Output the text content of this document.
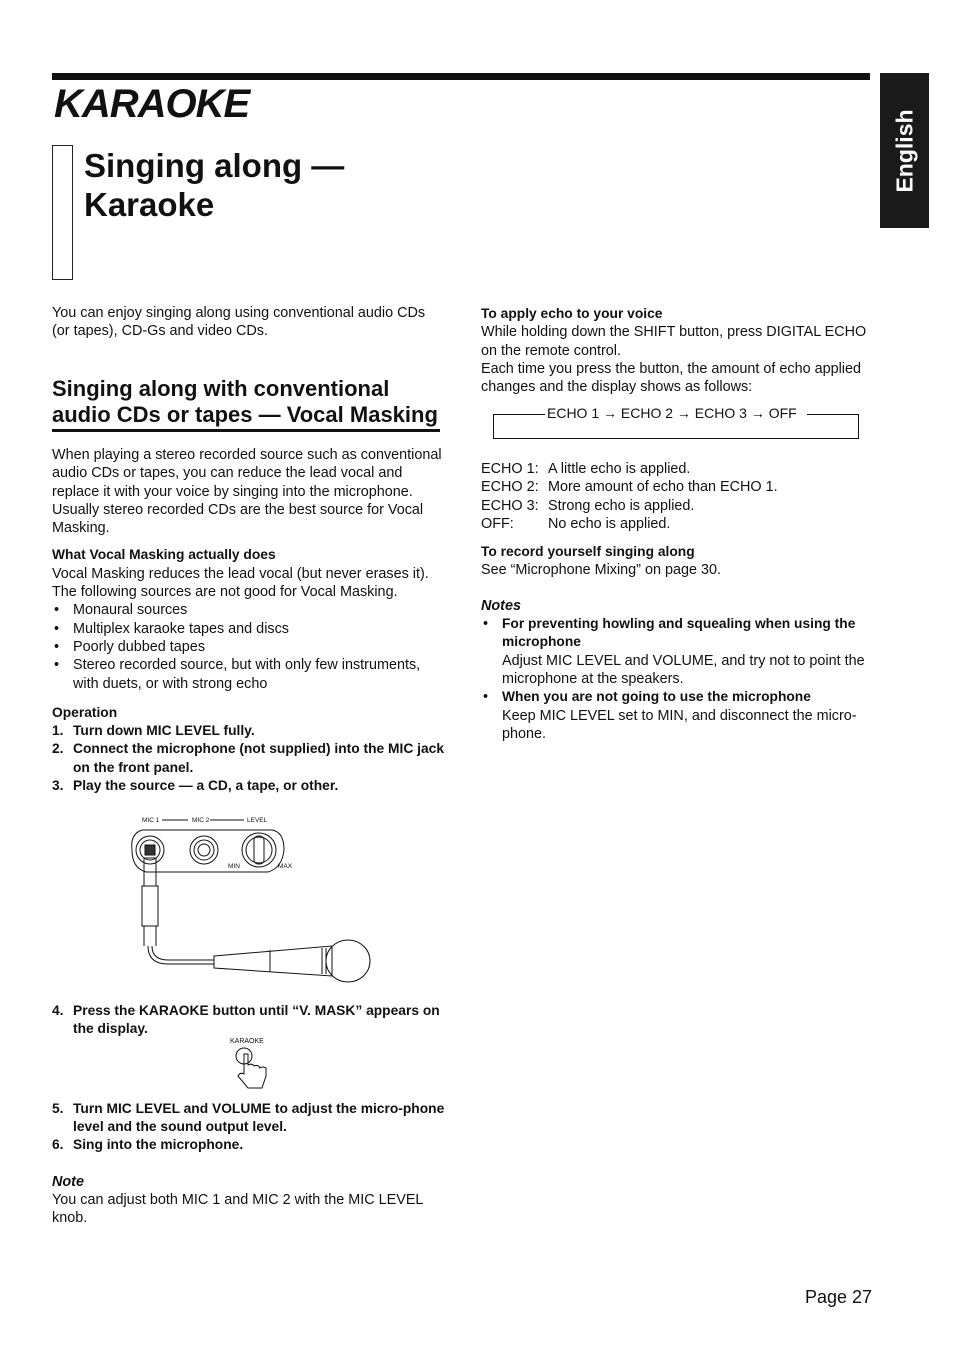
KARAOKE
English
Singing along —
Karaoke

You can enjoy singing along using conventional audio CDs (or tapes), CD-Gs and video CDs.

Singing along with conventional

audio CDs or tapes — Vocal Masking

When playing a stereo recorded source such as conventional audio CDs or tapes, you can reduce the lead vocal and replace it with your voice by singing into the microphone. Usually stereo recorded CDs are the best source for Vocal Masking.

What Vocal Masking actually does

Vocal Masking reduces the lead vocal (but never erases it).

The following sources are not good for Vocal Masking.

• Monaural sources
• Multiplex karaoke tapes and discs
• Poorly dubbed tapes
• Stereo recorded source, but with only few instruments, with duets, or with strong echo

Operation

1. Turn down MIC LEVEL fully.
2. Connect the microphone (not supplied) into the MIC jack on the front panel.
3. Play the source — a CD, a tape, or other.
MIC 1	MIC 2	LEVEL
MIN	MAX
4. Press the KARAOKE button until “V. MASK” appears on the display.
KARAOKE
5. Turn MIC LEVEL and VOLUME to adjust the micro-phone level and the sound output level.
6. Sing into the microphone.

Note

You can adjust both MIC 1 and MIC 2 with the MIC LEVEL knob.

To apply echo to your voice

While holding down the SHIFT button, press DIGITAL ECHO on the remote control.

Each time you press the button, the amount of echo applied changes and the display shows as follows:

ECHO 1 → ECHO 2 → ECHO 3 → OFF
ECHO 1: A little echo is applied.
ECHO 2: More amount of echo than ECHO 1.
ECHO 3: Strong echo is applied.
OFF:	No echo is applied.

To record yourself singing along

See “Microphone Mixing” on page 30.

Notes

• For preventing howling and squealing when using the microphone
Adjust MIC LEVEL and VOLUME, and try not to point the microphone at the speakers.
• When you are not going to use the microphone
Keep MIC LEVEL set to MIN, and disconnect the micro-phone.
Page 27
